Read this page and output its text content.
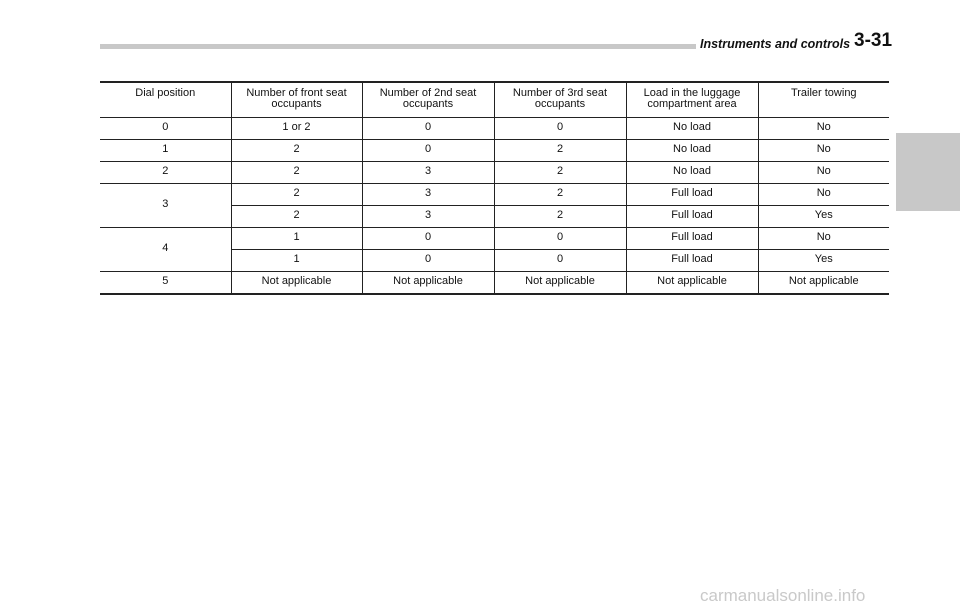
Instruments and controls 3-31
Dial position	Number of front seat occupants	Number of 2nd seat occupants	Number of 3rd seat occupants	Load in the luggage compartment area	Trailer towing
0	1 or 2	0	0	No load	No
1	2	0	2	No load	No
2	2	3	2	No load	No
3	2	3	2	Full load	No
	2	3	2	Full load	Yes
4	1	0	0	Full load	No
	1	0	0	Full load	Yes
5	Not applicable	Not applicable	Not applicable	Not applicable	Not applicable
carmanualsonline.info
